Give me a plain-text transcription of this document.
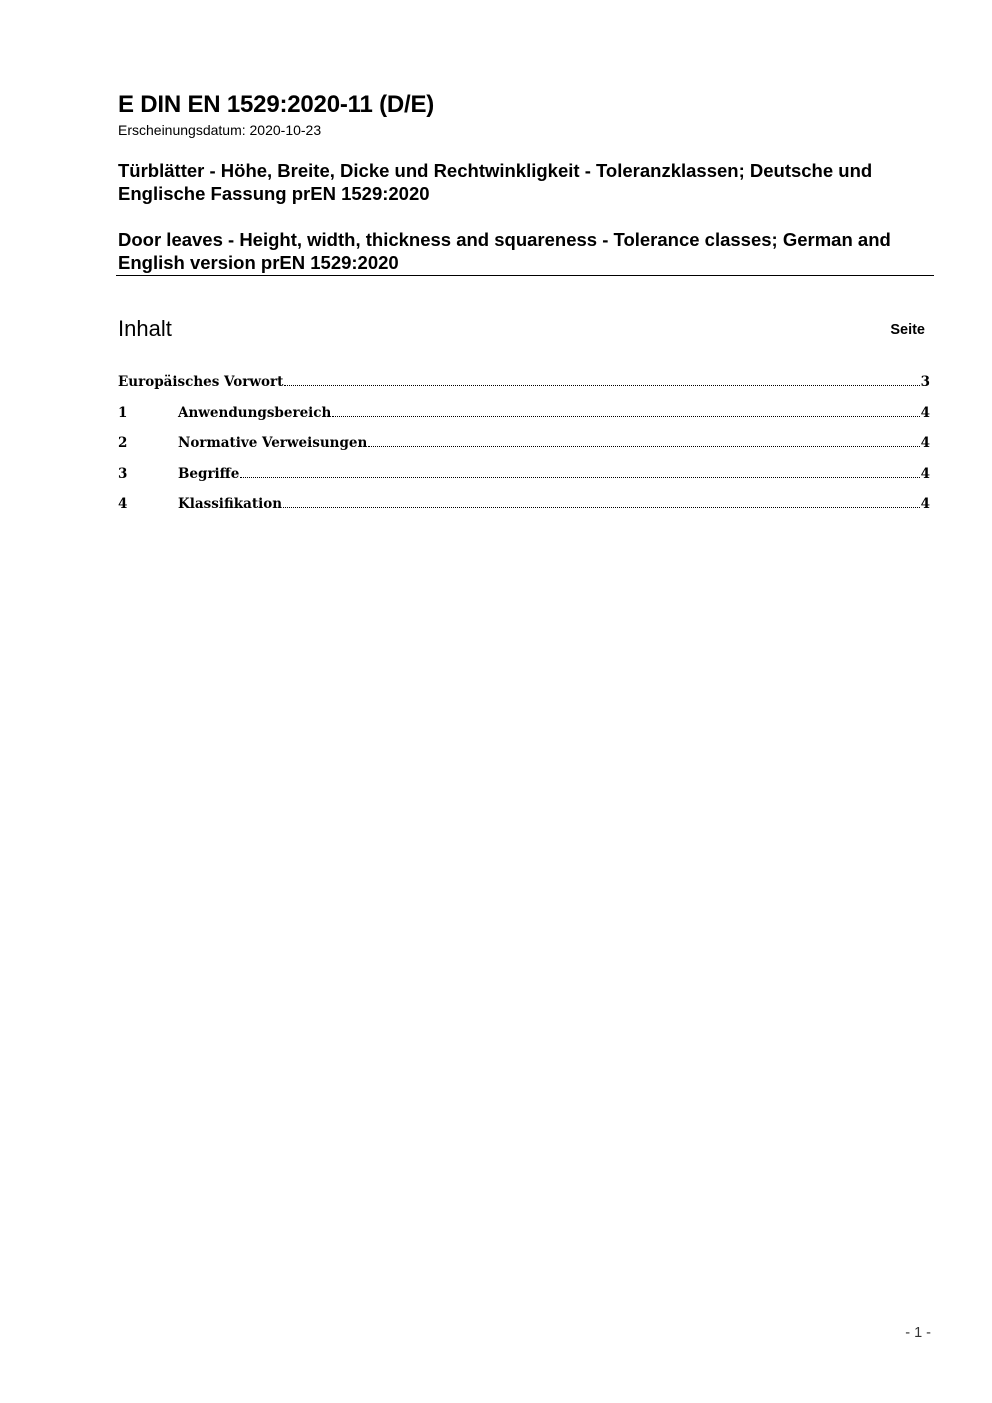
E DIN EN 1529:2020-11 (D/E)
Erscheinungsdatum: 2020-10-23
Türblätter - Höhe, Breite, Dicke und Rechtwinkligkeit - Toleranzklassen; Deutsche und Englische Fassung prEN 1529:2020
Door leaves - Height, width, thickness and squareness - Tolerance classes; German and English version prEN 1529:2020
Inhalt	Seite
Europäisches Vorwort	3
1	Anwendungsbereich	4
2	Normative Verweisungen	4
3	Begriffe	4
4	Klassifikation	4
- 1 -
